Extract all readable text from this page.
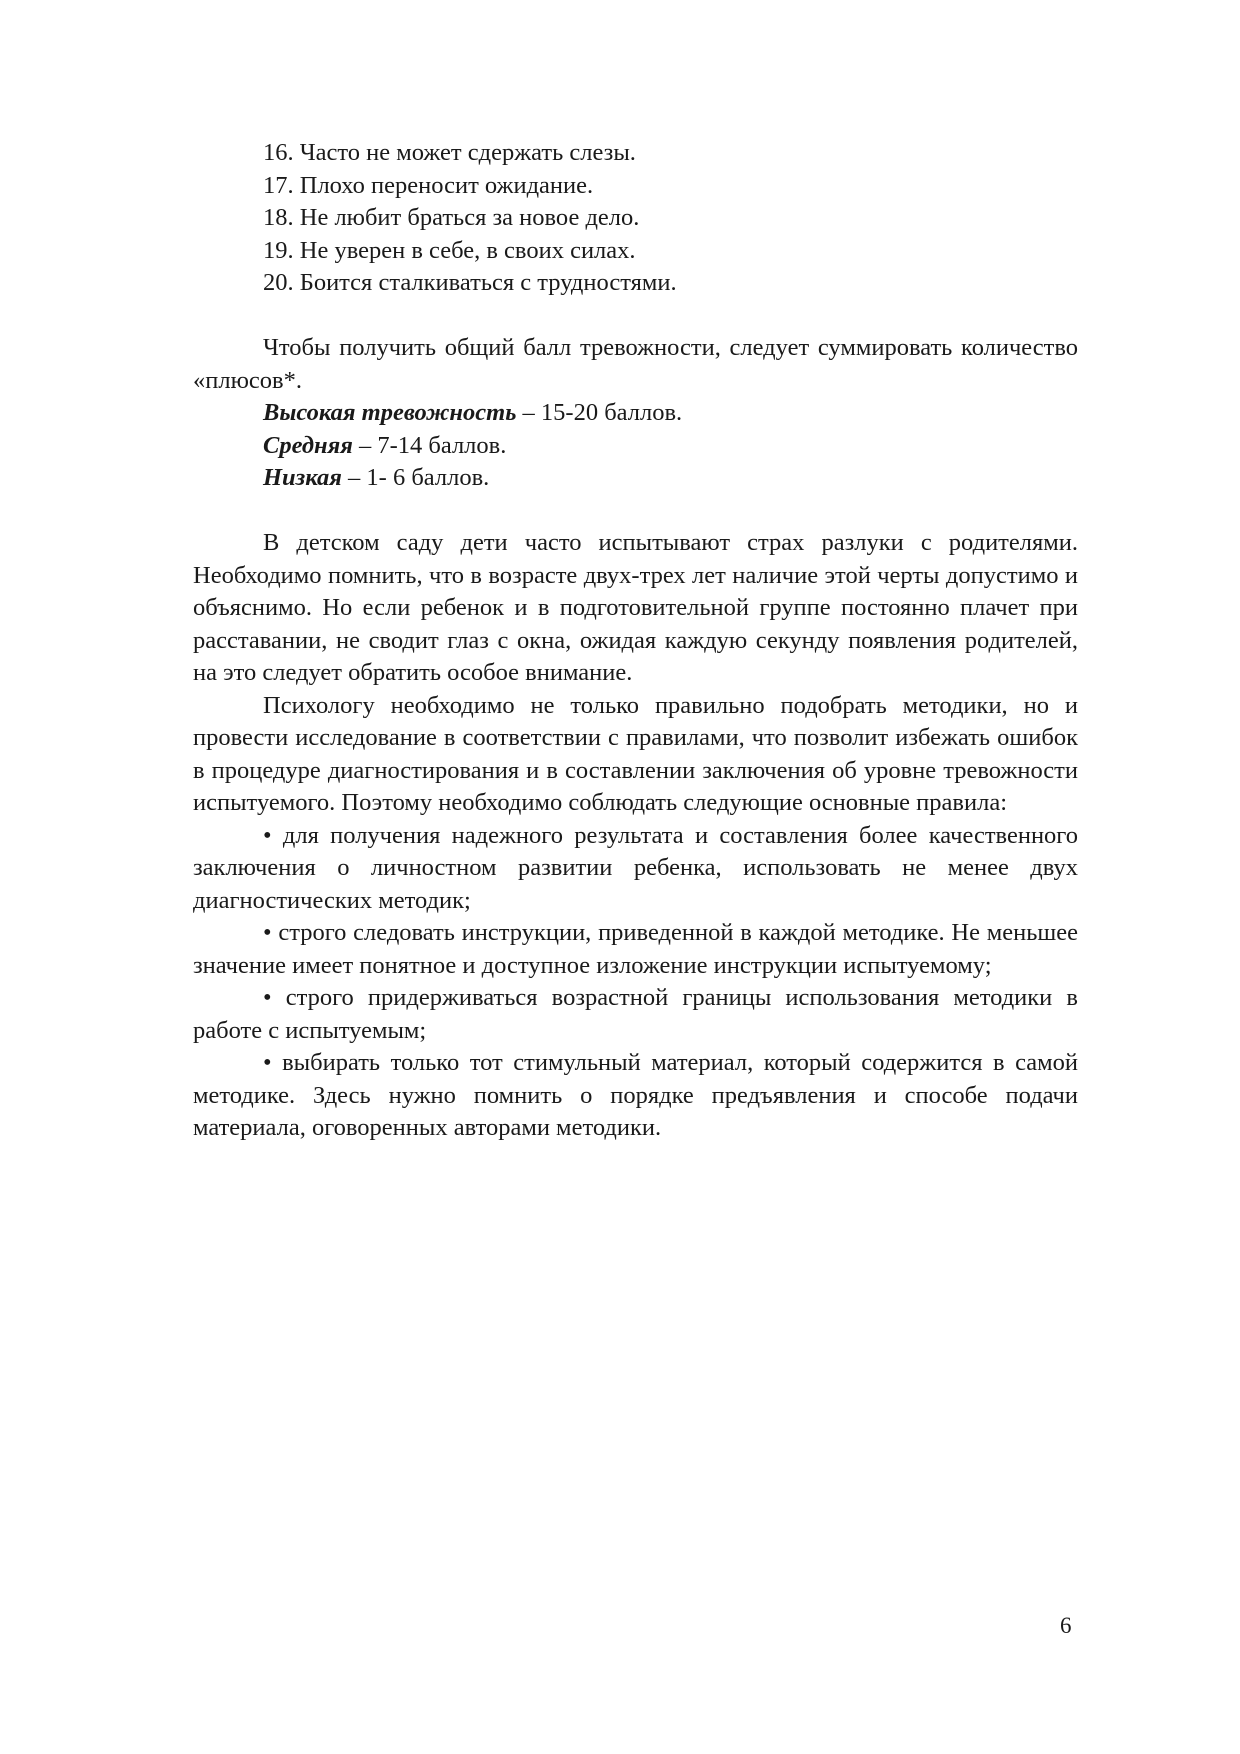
16. Часто не может сдержать слезы.
17. Плохо переносит ожидание.
18. Не любит браться за новое дело.
19. Не уверен в себе, в своих силах.
20. Боится сталкиваться с трудностями.
Чтобы получить общий балл тревожности, следует суммировать количество «плюсов*.
Высокая тревожность – 15-20 баллов.
Средняя – 7-14 баллов.
Низкая – 1- 6 баллов.
В детском саду дети часто испытывают страх разлуки с родителями. Необходимо помнить, что в возрасте двух-трех лет наличие этой черты допустимо и объяснимо. Но если ребенок и в подготовительной группе постоянно плачет при расставании, не сводит глаз с окна, ожидая каждую секунду появления родителей, на это следует обратить особое внимание.
Психологу необходимо не только правильно подобрать методики, но и провести исследование в соответствии с правилами, что позволит избежать ошибок в процедуре диагностирования и в составлении заключения об уровне тревожности испытуемого. Поэтому необходимо соблюдать следующие основные правила:
• для получения надежного результата и составления более качественного заключения о личностном развитии ребенка, использовать не менее двух диагностических методик;
• строго следовать инструкции, приведенной в каждой методике. Не меньшее значение имеет понятное и доступное изложение инструкции испытуемому;
• строго придерживаться возрастной границы использования методики в работе с испытуемым;
• выбирать только тот стимульный материал, который содержится в самой методике. Здесь нужно помнить о порядке предъявления и способе подачи материала, оговоренных авторами методики.
6
